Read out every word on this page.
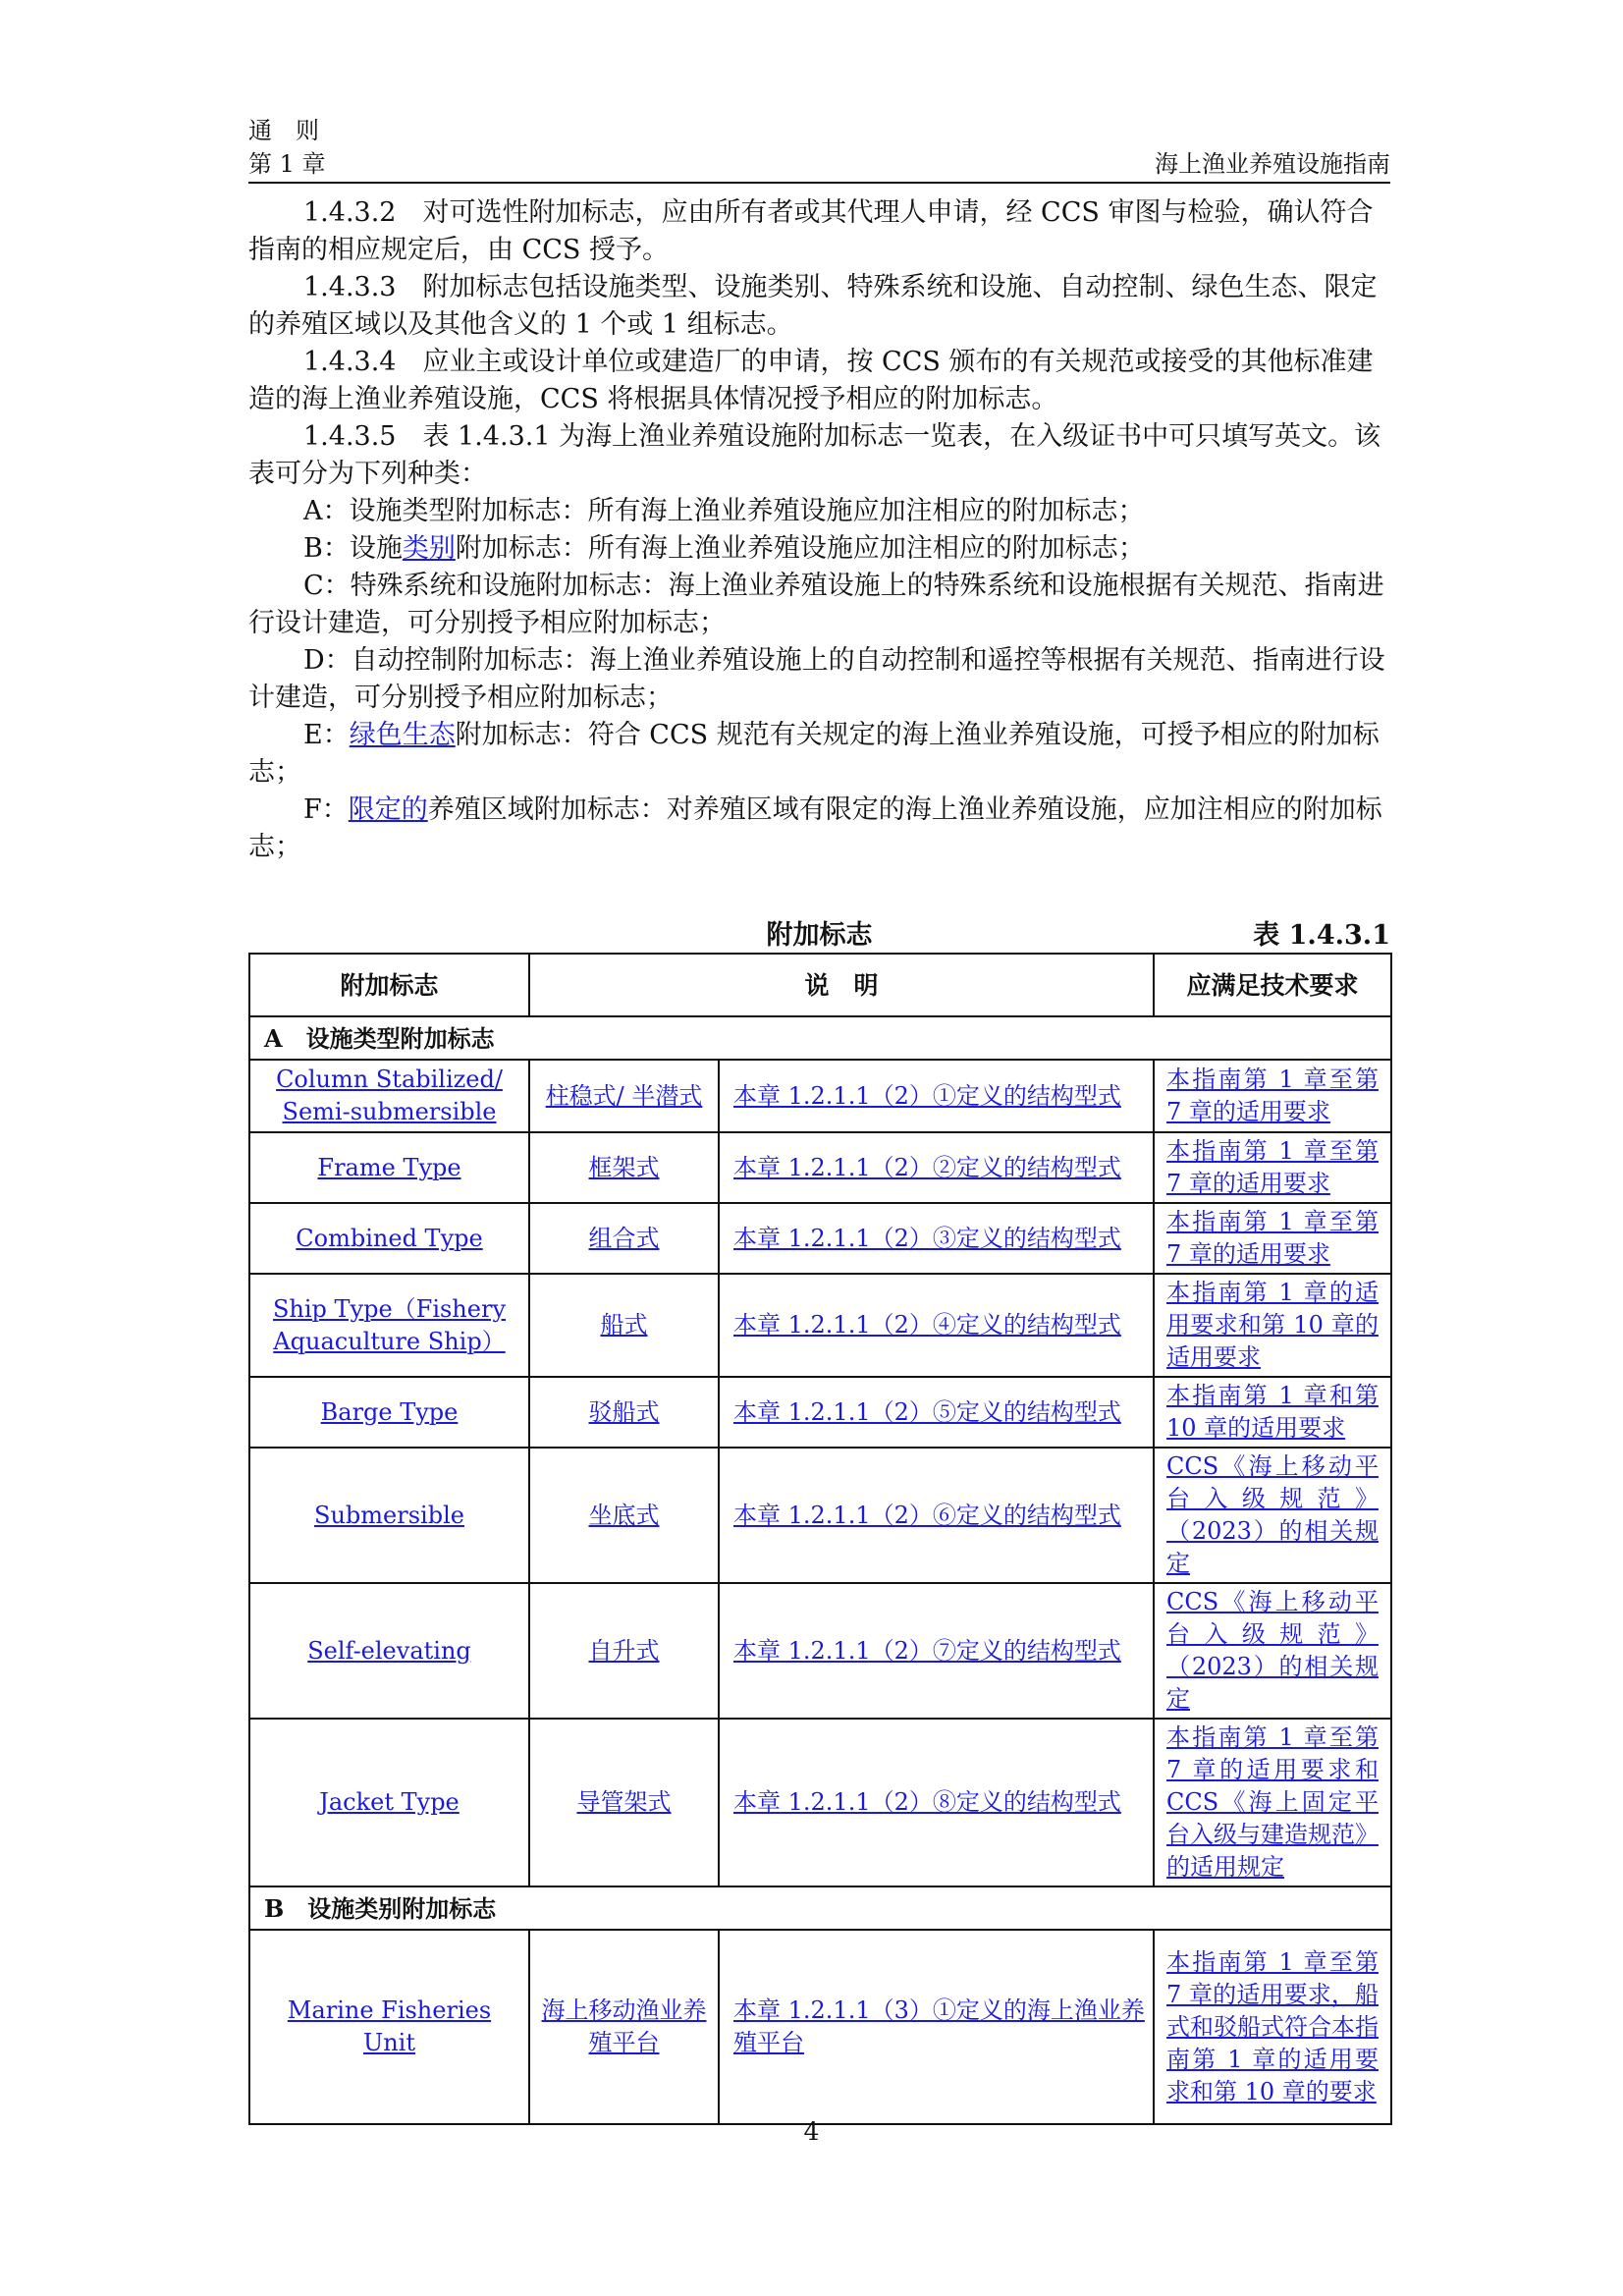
通　则
第 1 章	海上渔业养殖设施指南

1.4.3.2　对可选性附加标志，应由所有者或其代理人申请，经 CCS 审图与检验，确认符合指南的相应规定后，由 CCS 授予。

1.4.3.3　附加标志包括设施类型、设施类别、特殊系统和设施、自动控制、绿色生态、限定的养殖区域以及其他含义的 1 个或 1 组标志。

1.4.3.4　应业主或设计单位或建造厂的申请，按 CCS 颁布的有关规范或接受的其他标准建造的海上渔业养殖设施，CCS 将根据具体情况授予相应的附加标志。

1.4.3.5　表 1.4.3.1 为海上渔业养殖设施附加标志一览表，在入级证书中可只填写英文。该表可分为下列种类：

A：设施类型附加标志：所有海上渔业养殖设施应加注相应的附加标志；

B：设施类别附加标志：所有海上渔业养殖设施应加注相应的附加标志；

C：特殊系统和设施附加标志：海上渔业养殖设施上的特殊系统和设施根据有关规范、指南进行设计建造，可分别授予相应附加标志；

D：自动控制附加标志：海上渔业养殖设施上的自动控制和遥控等根据有关规范、指南进行设计建造，可分别授予相应附加标志；

E：绿色生态附加标志：符合 CCS 规范有关规定的海上渔业养殖设施，可授予相应的附加标志；

F：限定的养殖区域附加标志：对养殖区域有限定的海上渔业养殖设施，应加注相应的附加标志；

附加标志	表 1.4.3.1
附加标志	说　明		应满足技术要求
A　设施类型附加标志			
Column Stabilized/ Semi-submersible	柱稳式/ 半潜式	本章 1.2.1.1（2）①定义的结构型式	本指南第 1 章至第 7 章的适用要求
Frame Type	框架式	本章 1.2.1.1（2）②定义的结构型式	本指南第 1 章至第 7 章的适用要求
Combined Type	组合式	本章 1.2.1.1（2）③定义的结构型式	本指南第 1 章至第 7 章的适用要求
Ship Type（Fishery Aquaculture Ship）	船式	本章 1.2.1.1（2）④定义的结构型式	本指南第 1 章的适用要求和第 10 章的适用要求
Barge Type	驳船式	本章 1.2.1.1（2）⑤定义的结构型式	本指南第 1 章和第 10 章的适用要求
Submersible	坐底式	本章 1.2.1.1（2）⑥定义的结构型式	CCS《海上移动平台入级规范》（2023）的相关规定
Self-elevating	自升式	本章 1.2.1.1（2）⑦定义的结构型式	CCS《海上移动平台入级规范》（2023）的相关规定
Jacket Type	导管架式	本章 1.2.1.1（2）⑧定义的结构型式	本指南第 1 章至第 7 章的适用要求和 CCS《海上固定平台入级与建造规范》的适用规定
B　设施类别附加标志			
Marine Fisheries Unit	海上移动渔业养殖平台	本章 1.2.1.1（3）①定义的海上渔业养殖平台	本指南第 1 章至第 7 章的适用要求，船式和驳船式符合本指南第 1 章的适用要求和第 10 章的要求
4
